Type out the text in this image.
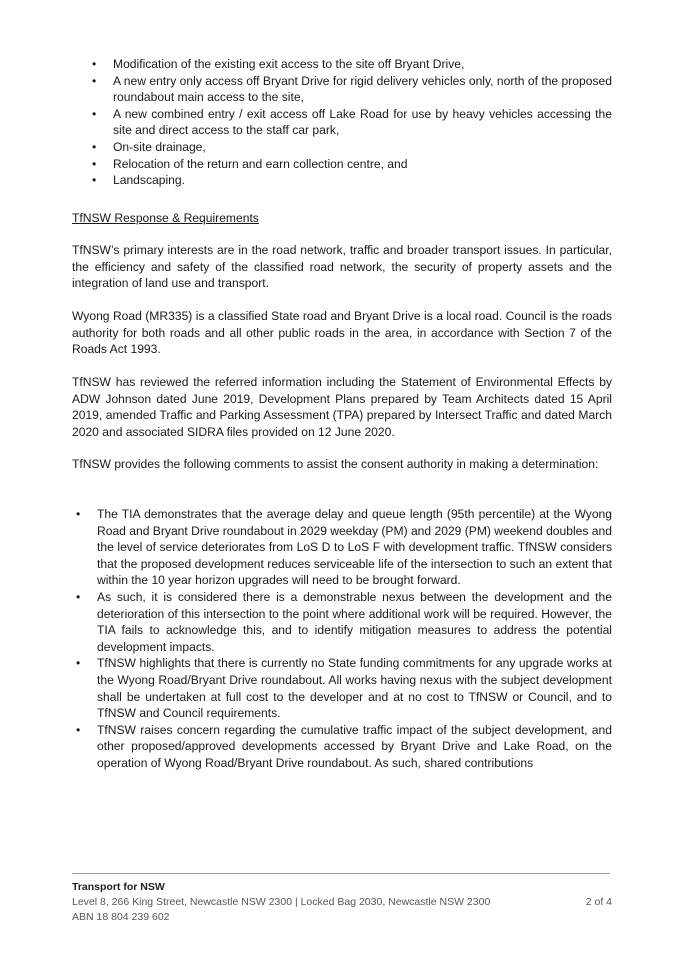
• Modification of the existing exit access to the site off Bryant Drive,
• A new entry only access off Bryant Drive for rigid delivery vehicles only, north of the proposed roundabout main access to the site,
• A new combined entry / exit access off Lake Road for use by heavy vehicles accessing the site and direct access to the staff car park,
• On-site drainage,
• Relocation of the return and earn collection centre, and
• Landscaping.
TfNSW Response & Requirements
TfNSW’s primary interests are in the road network, traffic and broader transport issues. In particular, the efficiency and safety of the classified road network, the security of property assets and the integration of land use and transport.
Wyong Road (MR335) is a classified State road and Bryant Drive is a local road. Council is the roads authority for both roads and all other public roads in the area, in accordance with Section 7 of the Roads Act 1993.
TfNSW has reviewed the referred information including the Statement of Environmental Effects by ADW Johnson dated June 2019, Development Plans prepared by Team Architects dated 15 April 2019, amended Traffic and Parking Assessment (TPA) prepared by Intersect Traffic and dated March 2020 and associated SIDRA files provided on 12 June 2020.
TfNSW provides the following comments to assist the consent authority in making a determination:
• The TIA demonstrates that the average delay and queue length (95th percentile) at the Wyong Road and Bryant Drive roundabout in 2029 weekday (PM) and 2029 (PM) weekend doubles and the level of service deteriorates from LoS D to LoS F with development traffic. TfNSW considers that the proposed development reduces serviceable life of the intersection to such an extent that within the 10 year horizon upgrades will need to be brought forward.
• As such, it is considered there is a demonstrable nexus between the development and the deterioration of this intersection to the point where additional work will be required. However, the TIA fails to acknowledge this, and to identify mitigation measures to address the potential development impacts.
• TfNSW highlights that there is currently no State funding commitments for any upgrade works at the Wyong Road/Bryant Drive roundabout. All works having nexus with the subject development shall be undertaken at full cost to the developer and at no cost to TfNSW or Council, and to TfNSW and Council requirements.
• TfNSW raises concern regarding the cumulative traffic impact of the subject development, and other proposed/approved developments accessed by Bryant Drive and Lake Road, on the operation of Wyong Road/Bryant Drive roundabout. As such, shared contributions
Transport for NSW
Level 8, 266 King Street, Newcastle NSW 2300 | Locked Bag 2030, Newcastle NSW 2300	2 of 4
ABN 18 804 239 602
